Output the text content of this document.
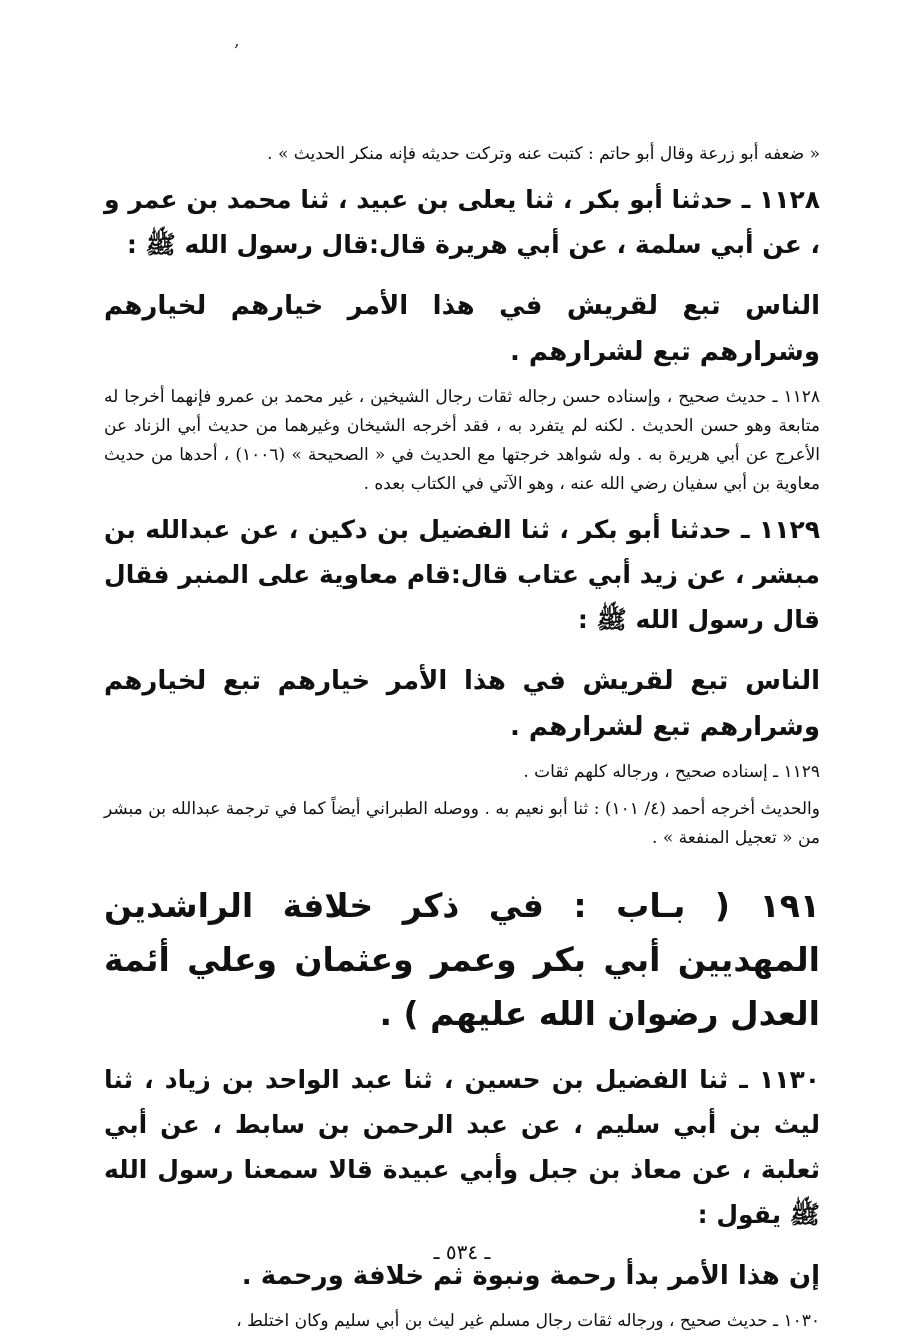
,

« ضعفه أبو زرعة وقال أبو حاتم : كتبت عنه وتركت حديثه فإنه منكر الحديث » .

١١٢٨ ـ حدثنا أبو بكر ، ثنا يعلى بن عبيد ، ثنا محمد بن عمر و ، عن أبي سلمة ، عن أبي هريرة قال:قال رسول الله ﷺ :

الناس تبع لقريش في هذا الأمر خيارهم لخيارهم وشرارهم تبع لشرارهم .

١١٢٨ ـ حديث صحيح ، وإسناده حسن رجاله ثقات رجال الشيخين ، غير محمد بن عمرو فإنهما أخرجا له متابعة وهو حسن الحديث . لكنه لم يتفرد به ، فقد أخرجه الشيخان وغيرهما من حديث أبي الزناد عن الأعرج عن أبي هريرة به . وله شواهد خرجتها مع الحديث في « الصحيحة » (١٠٠٦) ، أحدها من حديث معاوية بن أبي سفيان رضي الله عنه ، وهو الآتي في الكتاب بعده .

١١٢٩ ـ حدثنا أبو بكر ، ثنا الفضيل بن دكين ، عن عبدالله بن مبشر ، عن زيد أبي عتاب قال:قام معاوية على المنبر فقال قال رسول الله ﷺ :

الناس تبع لقريش في هذا الأمر خيارهم تبع لخيارهم وشرارهم تبع لشرارهم .

١١٢٩ ـ إسناده صحيح ، ورجاله كلهم ثقات .

والحديث أخرجه أحمد (٤/ ١٠١) : ثنا أبو نعيم به . ووصله الطبراني أيضاً كما في ترجمة عبدالله بن مبشر من « تعجيل المنفعة » .

١٩١ ( بـاب : في ذكر خلافة الراشدين المهديين أبي بكر وعمر وعثمان وعلي أئمة العدل رضوان الله عليهم ) .

١١٣٠ ـ ثنا الفضيل بن حسين ، ثنا عبد الواحد بن زياد ، ثنا ليث بن أبي سليم ، عن عبد الرحمن بن سابط ، عن أبي ثعلبة ، عن معاذ بن جبل وأبي عبيدة قالا سمعنا رسول الله ﷺ يقول :

إن هذا الأمر بدأ رحمة ونبوة ثم خلافة ورحمة .

١٠٣٠ ـ حديث صحيح ، ورجاله ثقات رجال مسلم غير ليث بن أبي سليم وكان اختلط ،

ـ ٥٣٤ ـ
